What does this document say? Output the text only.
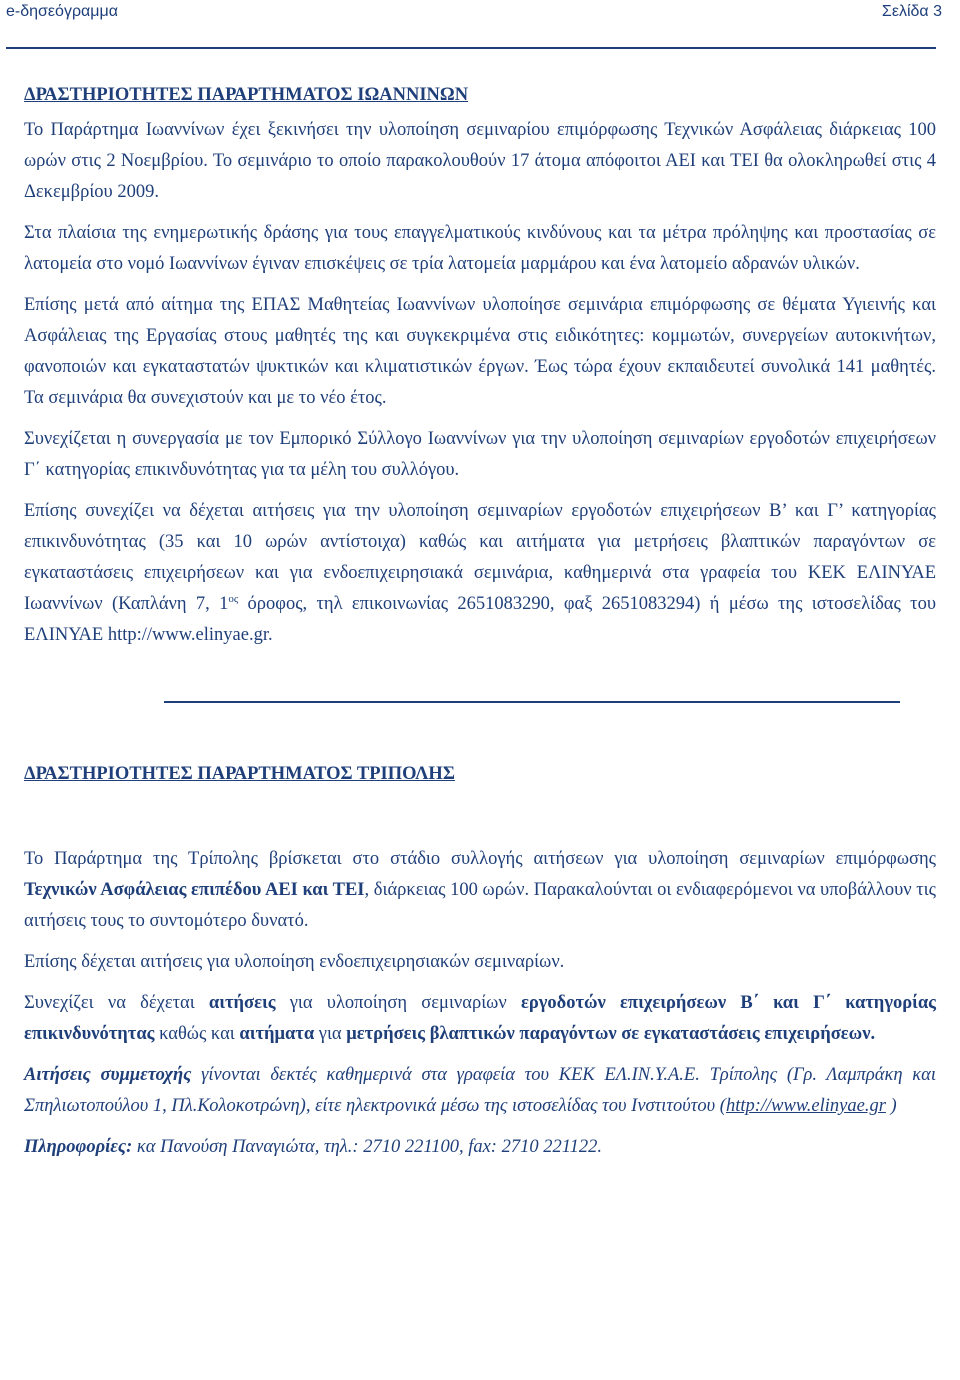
e-δησεόγραμμα	Σελίδα 3

ΔΡΑΣΤΗΡΙΟΤΗΤΕΣ ΠΑΡΑΡΤΗΜΑΤΟΣ ΙΩΑΝΝΙΝΩΝ

Το Παράρτημα Ιωαννίνων έχει ξεκινήσει την υλοποίηση σεμιναρίου επιμόρφωσης Τεχνικών Ασφάλειας διάρκειας 100 ωρών στις 2 Νοεμβρίου. Το σεμινάριο το οποίο παρακολουθούν 17 άτομα απόφοιτοι ΑΕΙ και ΤΕΙ θα ολοκληρωθεί στις 4 Δεκεμβρίου 2009.

Στα πλαίσια της ενημερωτικής δράσης για τους επαγγελματικούς κινδύνους και τα μέτρα πρόληψης και προστασίας σε λατομεία στο νομό Ιωαννίνων έγιναν επισκέψεις σε τρία λατομεία μαρμάρου και ένα λατομείο αδρανών υλικών.

Επίσης μετά από αίτημα της ΕΠΑΣ Μαθητείας Ιωαννίνων υλοποίησε σεμινάρια επιμόρφωσης σε θέματα Υγιεινής και Ασφάλειας της Εργασίας στους μαθητές της και συγκεκριμένα στις ειδικότητες: κομμωτών, συνεργείων αυτοκινήτων, φανοποιών και εγκαταστατών ψυκτικών και κλιματιστικών έργων. Έως τώρα έχουν εκπαιδευτεί συνολικά 141 μαθητές. Τα σεμινάρια θα συνεχιστούν και με το νέο έτος.

Συνεχίζεται η συνεργασία με τον Εμπορικό Σύλλογο Ιωαννίνων για την υλοποίηση σεμιναρίων εργοδοτών επιχειρήσεων Γ΄ κατηγορίας επικινδυνότητας για τα μέλη του συλλόγου.

Επίσης συνεχίζει να δέχεται αιτήσεις για την υλοποίηση σεμιναρίων εργοδοτών επιχειρήσεων Β’ και Γ’ κατηγορίας επικινδυνότητας (35 και 10 ωρών αντίστοιχα) καθώς και αιτήματα για μετρήσεις βλαπτικών παραγόντων σε εγκαταστάσεις επιχειρήσεων και για ενδοεπιχειρησιακά σεμινάρια, καθημερινά στα γραφεία του ΚΕΚ ΕΛΙΝΥΑΕ Ιωαννίνων (Καπλάνη 7, $1^{o\varsigma}$ όροφος, τηλ επικοινωνίας 2651083290, φαξ 2651083294) ή μέσω της ιστοσελίδας του ΕΛΙΝΥΑΕ http://www.elinyae.gr.

ΔΡΑΣΤΗΡΙΟΤΗΤΕΣ ΠΑΡΑΡΤΗΜΑΤΟΣ ΤΡΙΠΟΛΗΣ

Το Παράρτημα της Τρίπολης βρίσκεται στο στάδιο συλλογής αιτήσεων για υλοποίηση σεμιναρίων επιμόρφωσης Τεχνικών Ασφάλειας επιπέδου ΑΕΙ και ΤΕΙ, διάρκειας 100 ωρών. Παρακαλούνται οι ενδιαφερόμενοι να υποβάλλουν τις αιτήσεις τους το συντομότερο δυνατό.

Επίσης δέχεται αιτήσεις για υλοποίηση ενδοεπιχειρησιακών σεμιναρίων.

Συνεχίζει να δέχεται αιτήσεις για υλοποίηση σεμιναρίων εργοδοτών επιχειρήσεων Β΄ και Γ΄ κατηγορίας επικινδυνότητας καθώς και αιτήματα για μετρήσεις βλαπτικών παραγόντων σε εγκαταστάσεις επιχειρήσεων.

Αιτήσεις συμμετοχής γίνονται δεκτές καθημερινά στα γραφεία του ΚΕΚ ΕΛ.ΙΝ.Υ.Α.Ε. Τρίπολης (Γρ. Λαμπράκη και Σπηλιωτοπούλου 1, Πλ.Κολοκοτρώνη), είτε ηλεκτρονικά μέσω της ιστοσελίδας του Ινστιτούτου (http://www.elinyae.gr )

Πληροφορίες: κα Πανούση Παναγιώτα, τηλ.: 2710 221100, fax: 2710 221122.
